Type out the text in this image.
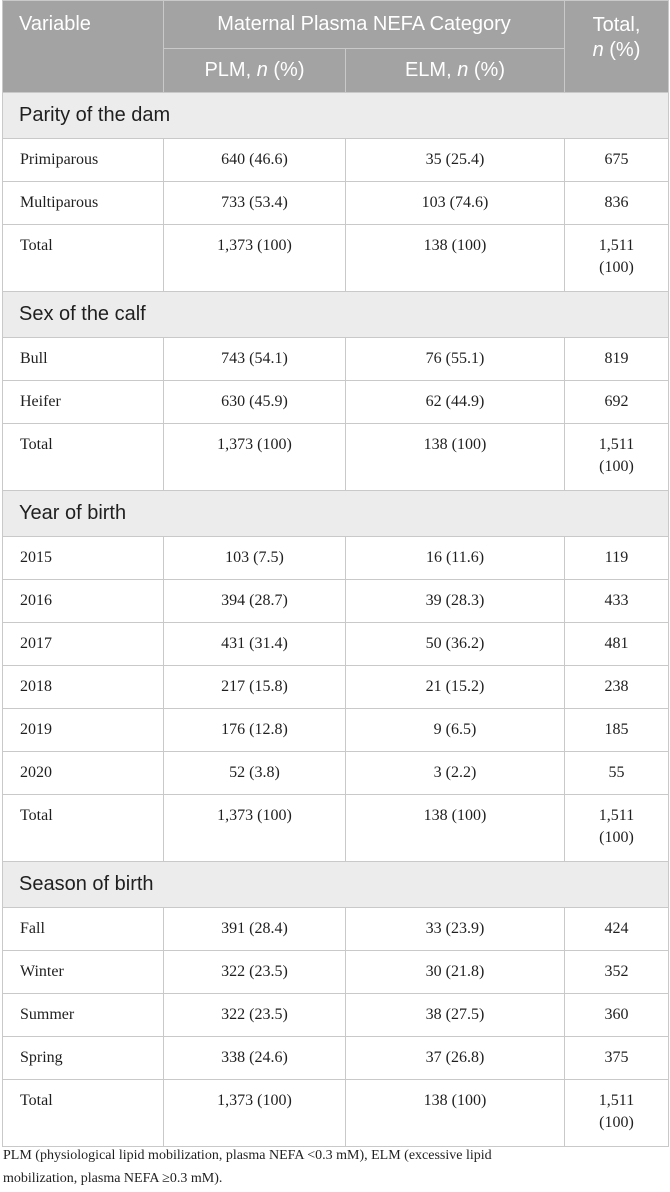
Variable	Maternal Plasma NEFA Category		Total,
n (%)
	PLM, n (%)	ELM, n (%)	
Parity of the dam			
Primiparous	640 (46.6)	35 (25.4)	675
Multiparous	733 (53.4)	103 (74.6)	836
Total	1,373 (100)	138 (100)	1,511
(100)
Sex of the calf			
Bull	743 (54.1)	76 (55.1)	819
Heifer	630 (45.9)	62 (44.9)	692
Total	1,373 (100)	138 (100)	1,511
(100)
Year of birth			
2015	103 (7.5)	16 (11.6)	119
2016	394 (28.7)	39 (28.3)	433
2017	431 (31.4)	50 (36.2)	481
2018	217 (15.8)	21 (15.2)	238
2019	176 (12.8)	9 (6.5)	185
2020	52 (3.8)	3 (2.2)	55
Total	1,373 (100)	138 (100)	1,511
(100)
Season of birth			
Fall	391 (28.4)	33 (23.9)	424
Winter	322 (23.5)	30 (21.8)	352
Summer	322 (23.5)	38 (27.5)	360
Spring	338 (24.6)	37 (26.8)	375
Total	1,373 (100)	138 (100)	1,511
(100)
PLM (physiological lipid mobilization, plasma NEFA <0.3 mM), ELM (excessive lipid
mobilization, plasma NEFA ≥0.3 mM).
